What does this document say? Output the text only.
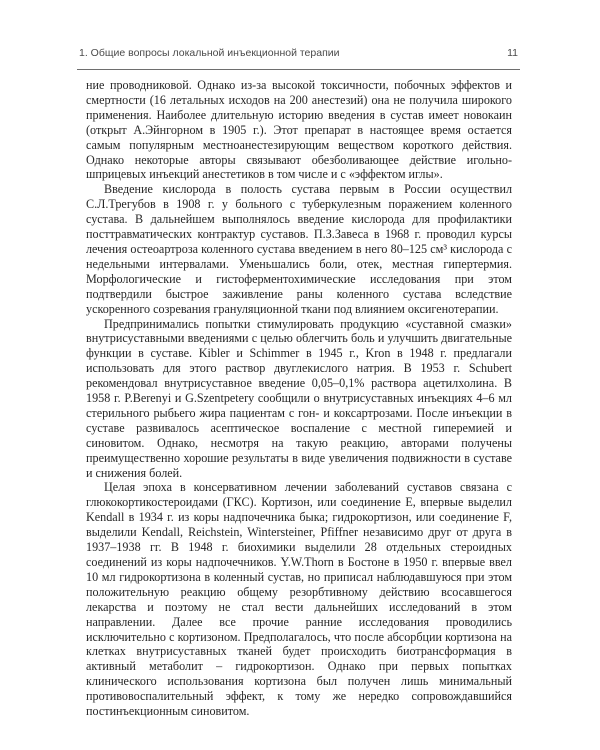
1. Общие вопросы локальной инъекционной терапии	11

ние проводниковой. Однако из-за высокой токсичности, побочных эффектов и смертности (16 летальных исходов на 200 анестезий) она не получила широкого применения. Наиболее длительную историю введения в сустав имеет новокаин (открыт А.Эйнгорном в 1905 г.). Этот препарат в настоящее время остается самым популярным местноанестезирующим веществом короткого действия. Однако некоторые авторы связывают обезболивающее действие игольно-шприцевых инъекций анестетиков в том числе и с «эффектом иглы».

Введение кислорода в полость сустава первым в России осуществил С.Л.Трегубов в 1908 г. у больного с туберкулезным поражением коленного сустава. В дальнейшем выполнялось введение кислорода для профилактики посттравматических контрактур суставов. П.З.Завеса в 1968 г. проводил курсы лечения остеоартроза коленного сустава введением в него 80–125 см³ кислорода с недельными интервалами. Уменьшались боли, отек, местная гипертермия. Морфологические и гистоферментохимические исследования при этом подтвердили быстрое заживление раны коленного сустава вследствие ускоренного созревания грануляционной ткани под влиянием оксигенотерапии.

Предпринимались попытки стимулировать продукцию «суставной смазки» внутрисуставными введениями с целью облегчить боль и улучшить двигательные функции в суставе. Kibler и Schimmer в 1945 г., Kron в 1948 г. предлагали использовать для этого раствор двуглекислого натрия. В 1953 г. Schubert рекомендовал внутрисуставное введение 0,05–0,1% раствора ацетилхолина. В 1958 г. P.Berenyi и G.Szentpetery сообщили о внутрисуставных инъекциях 4–6 мл стерильного рыбьего жира пациентам с гон- и коксартрозами. После инъекции в суставе развивалось асептическое воспаление с местной гиперемией и синовитом. Однако, несмотря на такую реакцию, авторами получены преимущественно хорошие результаты в виде увеличения подвижности в суставе и снижения болей.

Целая эпоха в консервативном лечении заболеваний суставов связана с глюкокортикостероидами (ГКС). Кортизон, или соединение Е, впервые выделил Kendall в 1934 г. из коры надпочечника быка; гидрокортизон, или соединение F, выделили Kendall, Reichstein, Wintersteiner, Pfiffner независимо друг от друга в 1937–1938 гг. В 1948 г. биохимики выделили 28 отдельных стероидных соединений из коры надпочечников. Y.W.Thorn в Бостоне в 1950 г. впервые ввел 10 мл гидрокортизона в коленный сустав, но приписал наблюдавшуюся при этом положительную реакцию общему резорбтивному действию всосавшегося лекарства и поэтому не стал вести дальнейших исследований в этом направлении. Далее все прочие ранние исследования проводились исключительно с кортизоном. Предполагалось, что после абсорбции кортизона на клетках внутрисуставных тканей будет происходить биотрансформация в активный метаболит – гидрокортизон. Однако при первых попытках клинического использования кортизона был получен лишь минимальный противовоспалительный эффект, к тому же нередко сопровождавшийся постинъекционным синовитом.
